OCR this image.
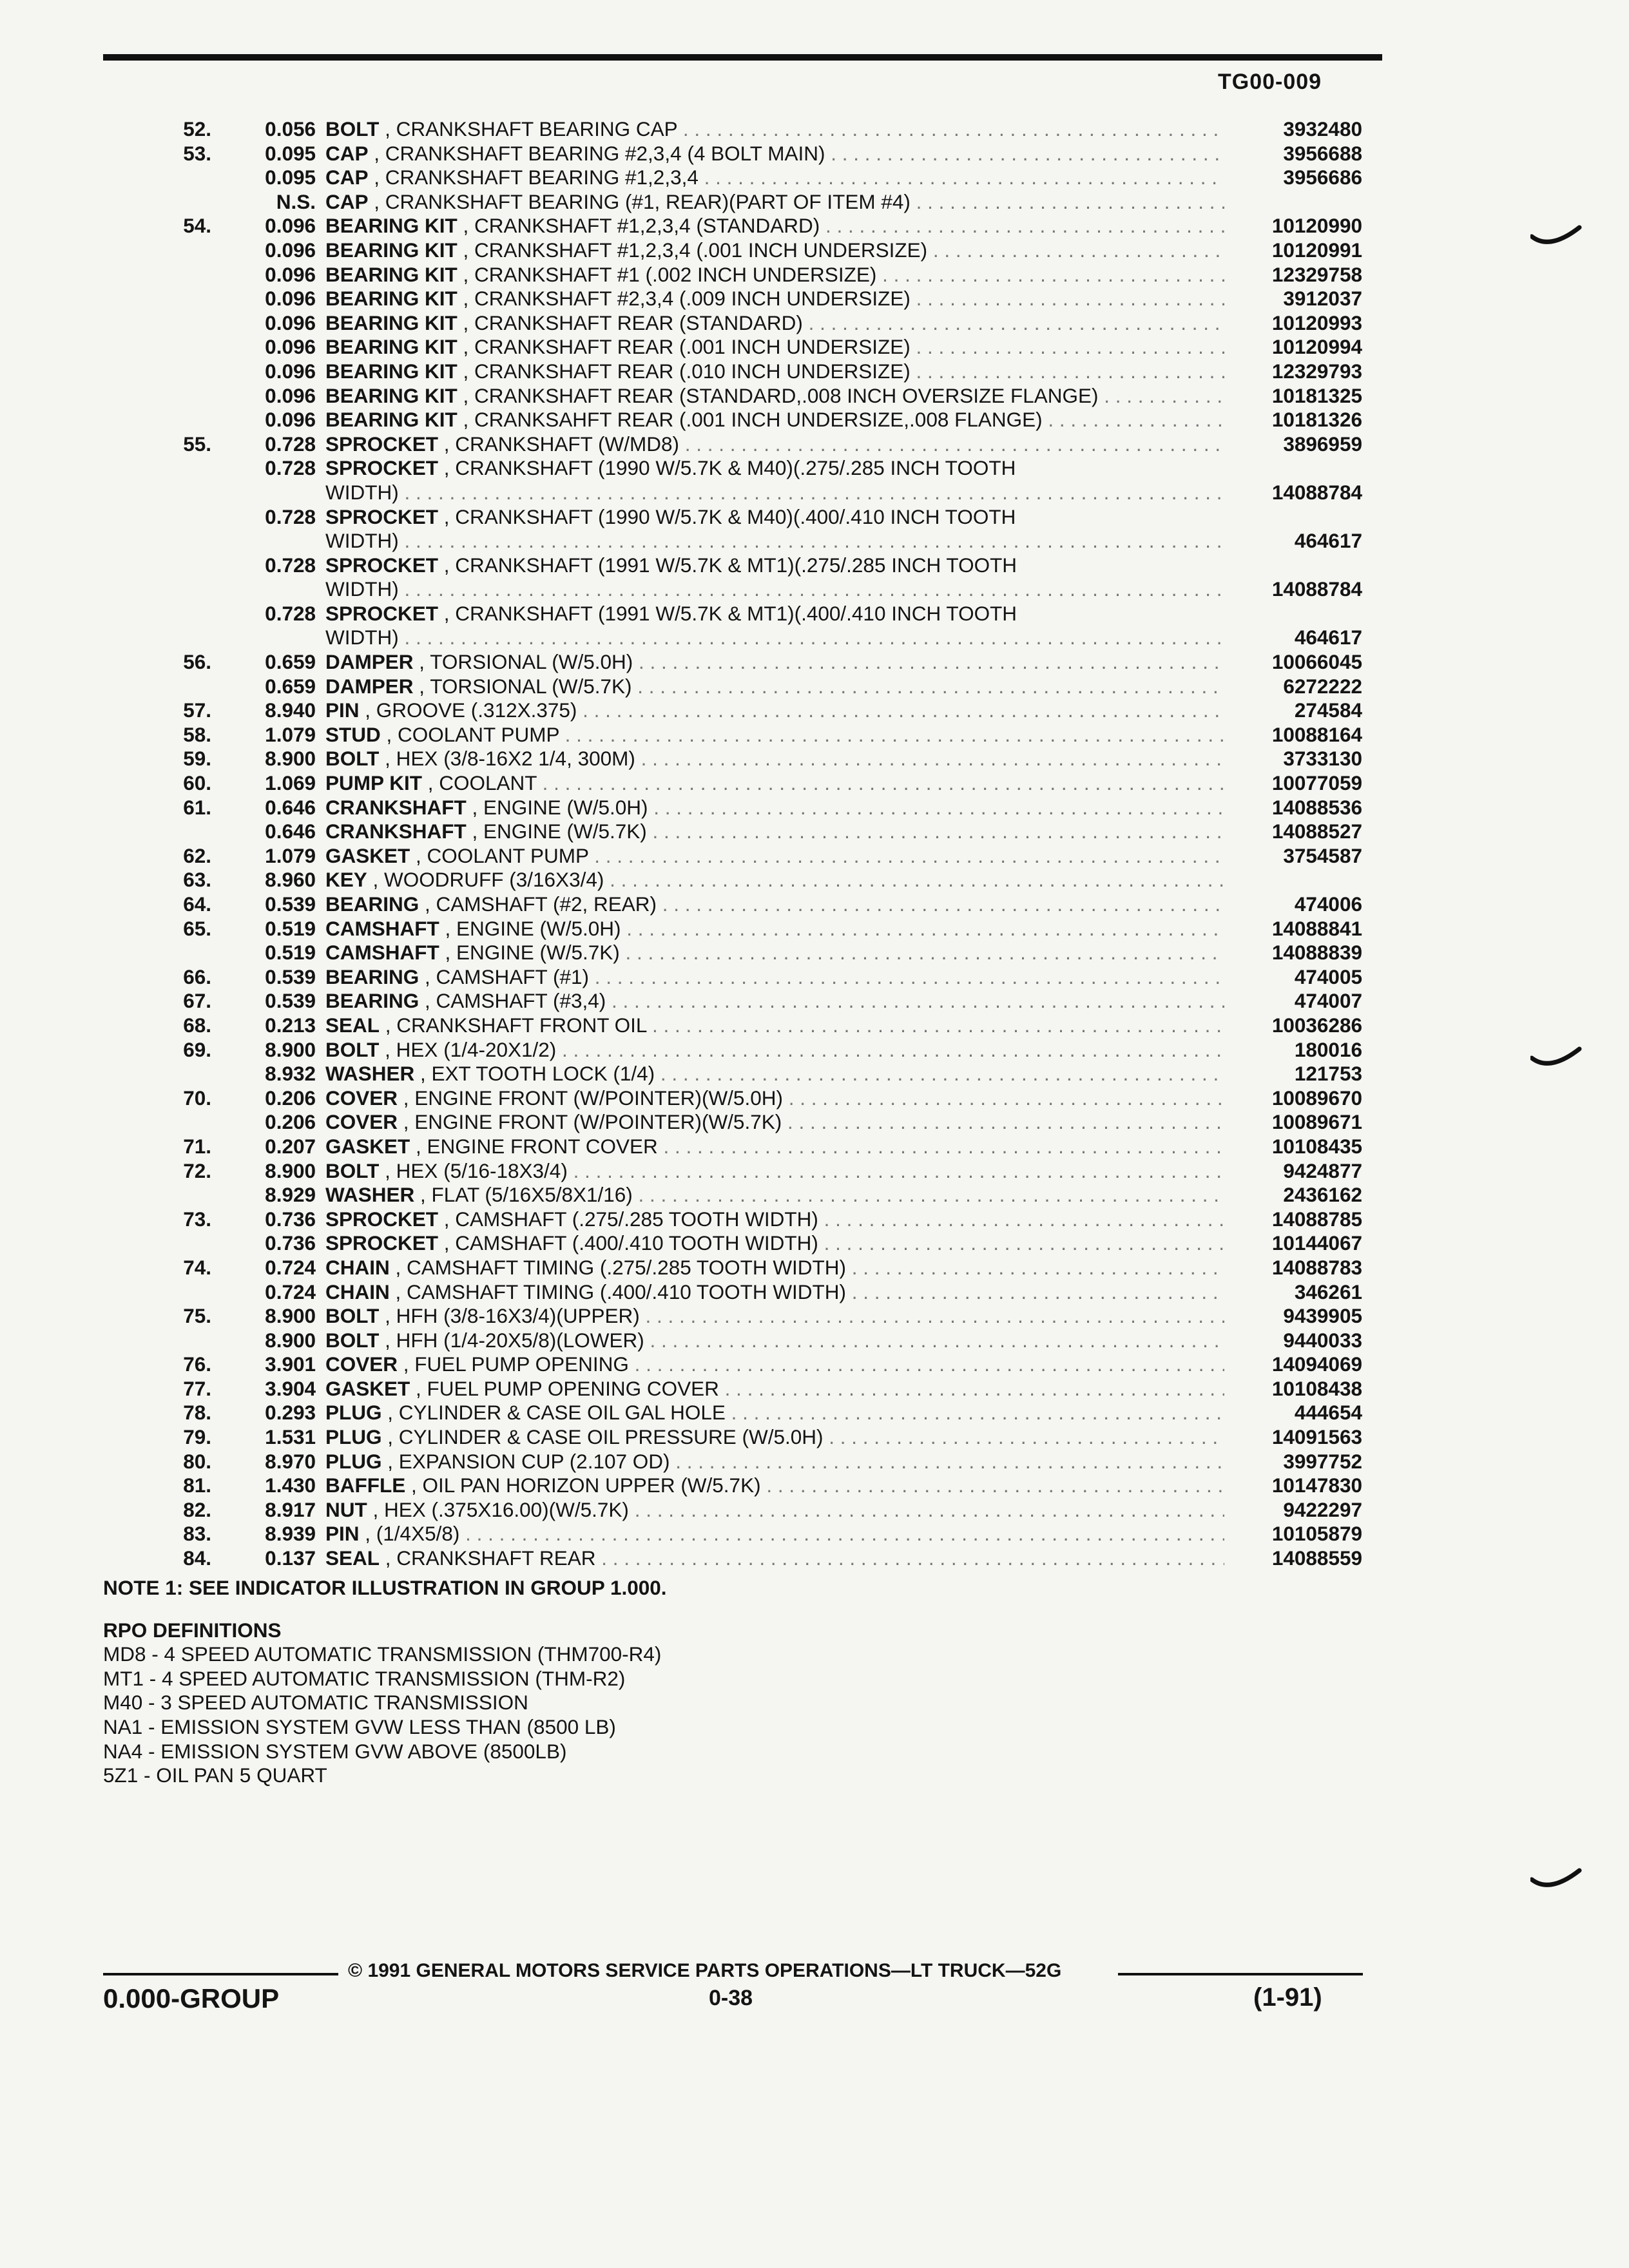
TG00-009
52.	0.056 BOLT , CRANKSHAFT BEARING CAP . . .	3932480
53.	0.095 CAP , CRANKSHAFT BEARING #2,3,4 (4 BOLT MAIN) . . .	3956688
0.095 CAP , CRANKSHAFT BEARING #1,2,3,4 . . .	3956686
N.S. CAP , CRANKSHAFT BEARING (#1, REAR)(PART OF ITEM #4) . . .
54.	0.096 BEARING KIT , CRANKSHAFT #1,2,3,4 (STANDARD) . . .	10120990
0.096 BEARING KIT , CRANKSHAFT #1,2,3,4 (.001 INCH UNDERSIZE) . . .	10120991
0.096 BEARING KIT , CRANKSHAFT #1 (.002 INCH UNDERSIZE) . . .	12329758
0.096 BEARING KIT , CRANKSHAFT #2,3,4 (.009 INCH UNDERSIZE) . . .	3912037
0.096 BEARING KIT , CRANKSHAFT REAR (STANDARD) . . .	10120993
0.096 BEARING KIT , CRANKSHAFT REAR (.001 INCH UNDERSIZE) . . .	10120994
0.096 BEARING KIT , CRANKSHAFT REAR (.010 INCH UNDERSIZE) . . .	12329793
0.096 BEARING KIT , CRANKSHAFT REAR (STANDARD,.008 INCH OVERSIZE FLANGE) . . .	10181325
0.096 BEARING KIT , CRANKSAHFT REAR (.001 INCH UNDERSIZE,.008 FLANGE) . . .	10181326
55.	0.728 SPROCKET , CRANKSHAFT (W/MD8) . . .	3896959
0.728 SPROCKET , CRANKSHAFT (1990 W/5.7K & M40)(.275/.285 INCH TOOTH
WIDTH) . . .	14088784
0.728 SPROCKET , CRANKSHAFT (1990 W/5.7K & M40)(.400/.410 INCH TOOTH
WIDTH) . . .	464617
0.728 SPROCKET , CRANKSHAFT (1991 W/5.7K & MT1)(.275/.285 INCH TOOTH
WIDTH) . . .	14088784
0.728 SPROCKET , CRANKSHAFT (1991 W/5.7K & MT1)(.400/.410 INCH TOOTH
WIDTH) . . .	464617
56.	0.659 DAMPER , TORSIONAL (W/5.0H) . . .	10066045
0.659 DAMPER , TORSIONAL (W/5.7K) . . .	6272222
57.	8.940 PIN , GROOVE (.312X.375) . . .	274584
58.	1.079 STUD , COOLANT PUMP . . .	10088164
59.	8.900 BOLT , HEX (3/8-16X2 1/4, 300M) . . .	3733130
60.	1.069 PUMP KIT , COOLANT . . .	10077059
61.	0.646 CRANKSHAFT , ENGINE (W/5.0H) . . .	14088536
0.646 CRANKSHAFT , ENGINE (W/5.7K) . . .	14088527
62.	1.079 GASKET , COOLANT PUMP . . .	3754587
63.	8.960 KEY , WOODRUFF (3/16X3/4) . . .
64.	0.539 BEARING , CAMSHAFT (#2, REAR) . . .	474006
65.	0.519 CAMSHAFT , ENGINE (W/5.0H) . . .	14088841
0.519 CAMSHAFT , ENGINE (W/5.7K) . . .	14088839
66.	0.539 BEARING , CAMSHAFT (#1) . . .	474005
67.	0.539 BEARING , CAMSHAFT (#3,4) . . .	474007
68.	0.213 SEAL , CRANKSHAFT FRONT OIL . . .	10036286
69.	8.900 BOLT , HEX (1/4-20X1/2) . . .	180016
8.932 WASHER , EXT TOOTH LOCK (1/4) . . .	121753
70.	0.206 COVER , ENGINE FRONT (W/POINTER)(W/5.0H) . . .	10089670
0.206 COVER , ENGINE FRONT (W/POINTER)(W/5.7K) . . .	10089671
71.	0.207 GASKET , ENGINE FRONT COVER . . .	10108435
72.	8.900 BOLT , HEX (5/16-18X3/4) . . .	9424877
8.929 WASHER , FLAT (5/16X5/8X1/16) . . .	2436162
73.	0.736 SPROCKET , CAMSHAFT (.275/.285 TOOTH WIDTH) . . .	14088785
0.736 SPROCKET , CAMSHAFT (.400/.410 TOOTH WIDTH) . . .	10144067
74.	0.724 CHAIN , CAMSHAFT TIMING (.275/.285 TOOTH WIDTH) . . .	14088783
0.724 CHAIN , CAMSHAFT TIMING (.400/.410 TOOTH WIDTH) . . .	346261
75.	8.900 BOLT , HFH (3/8-16X3/4)(UPPER) . . .	9439905
8.900 BOLT , HFH (1/4-20X5/8)(LOWER) . . .	9440033
76.	3.901 COVER , FUEL PUMP OPENING . . .	14094069
77.	3.904 GASKET , FUEL PUMP OPENING COVER . . .	10108438
78.	0.293 PLUG , CYLINDER & CASE OIL GAL HOLE . . .	444654
79.	1.531 PLUG , CYLINDER & CASE OIL PRESSURE (W/5.0H) . . .	14091563
80.	8.970 PLUG , EXPANSION CUP (2.107 OD) . . .	3997752
81.	1.430 BAFFLE , OIL PAN HORIZON UPPER (W/5.7K) . . .	10147830
82.	8.917 NUT , HEX (.375X16.00)(W/5.7K) . . .	9422297
83.	8.939 PIN , (1/4X5/8) . . .	10105879
84.	0.137 SEAL , CRANKSHAFT REAR . . .	14088559
NOTE 1: SEE INDICATOR ILLUSTRATION IN GROUP 1.000.
RPO DEFINITIONS
MD8 - 4 SPEED AUTOMATIC TRANSMISSION (THM700-R4)
MT1 - 4 SPEED AUTOMATIC TRANSMISSION (THM-R2)
M40 - 3 SPEED AUTOMATIC TRANSMISSION
NA1 - EMISSION SYSTEM GVW LESS THAN (8500 LB)
NA4 - EMISSION SYSTEM GVW ABOVE (8500LB)
5Z1 - OIL PAN 5 QUART
© 1991 GENERAL MOTORS SERVICE PARTS OPERATIONS—LT TRUCK—52G
0.000-GROUP	0-38	(1-91)
